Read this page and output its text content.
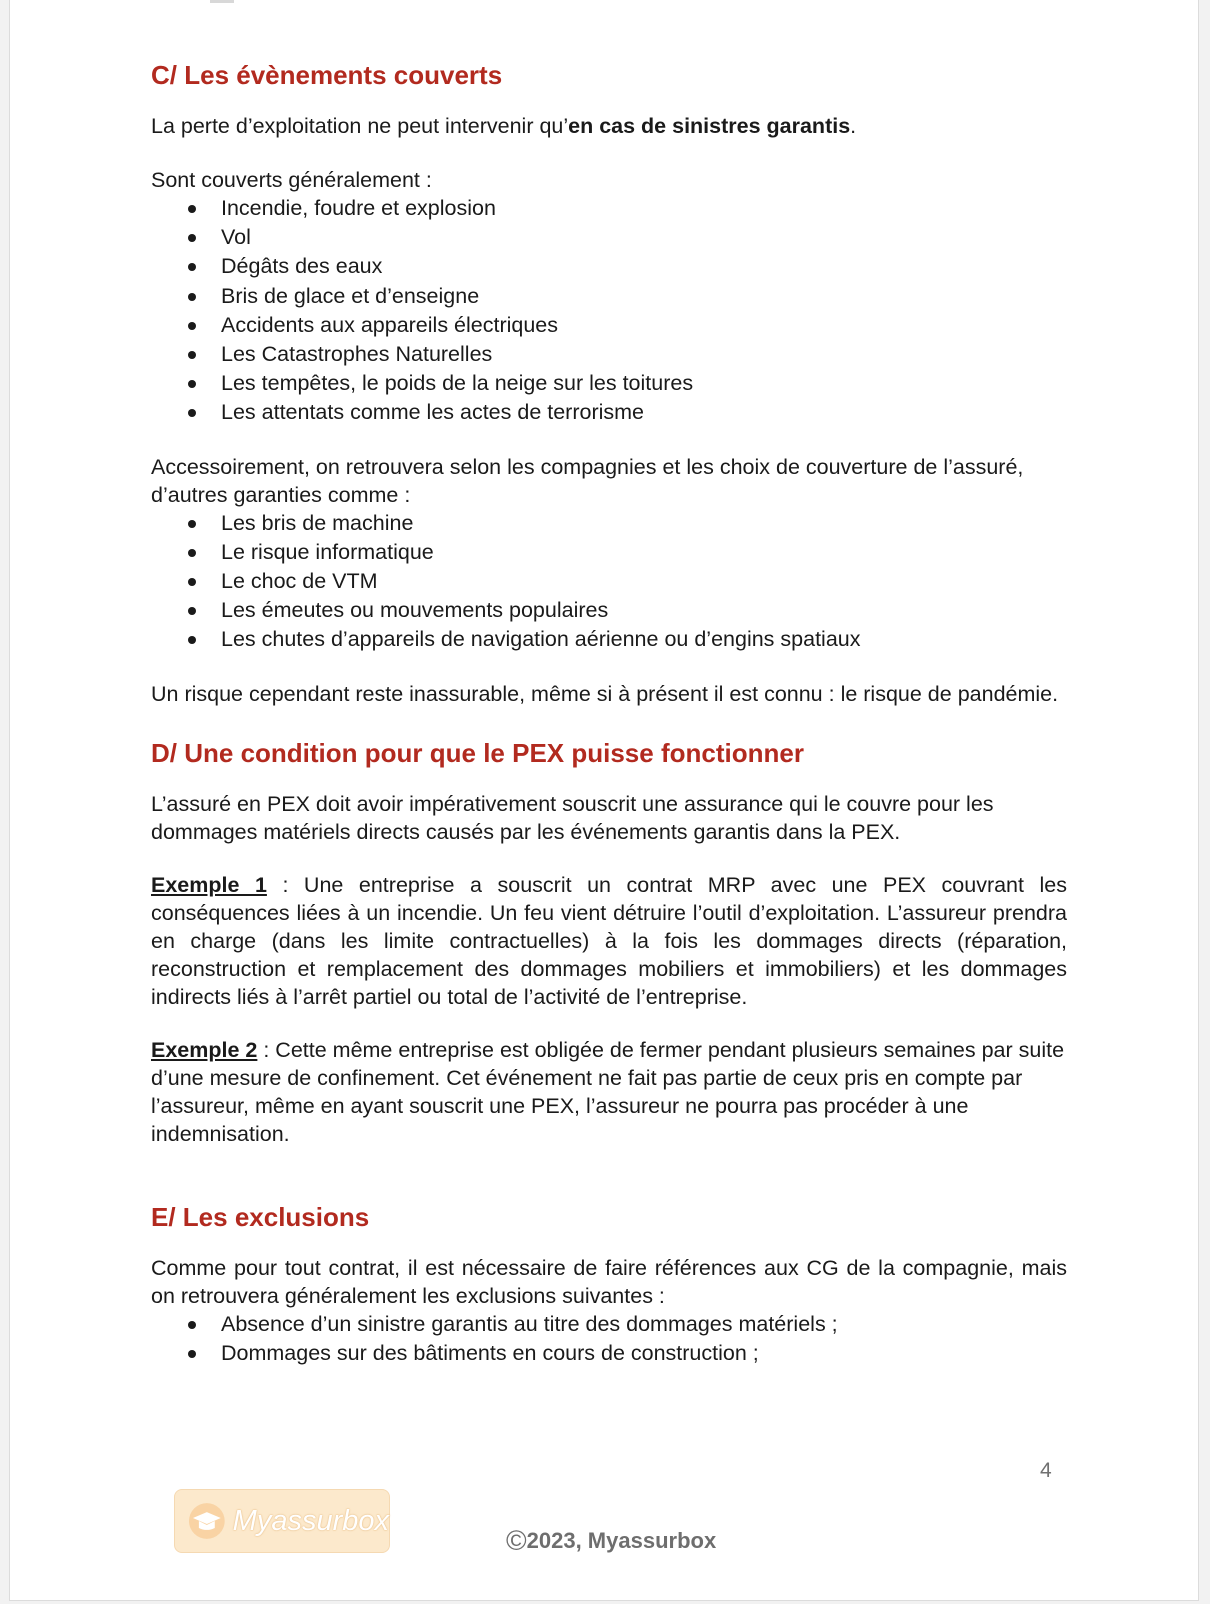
C/ Les évènements couverts

La perte d’exploitation ne peut intervenir qu’en cas de sinistres garantis.

Sont couverts généralement :

Incendie, foudre et explosion
Vol
Dégâts des eaux
Bris de glace et d’enseigne
Accidents aux appareils électriques
Les Catastrophes Naturelles
Les tempêtes, le poids de la neige sur les toitures
Les attentats comme les actes de terrorisme

Accessoirement, on retrouvera selon les compagnies et les choix de couverture de l’assuré, d’autres garanties comme :

Les bris de machine
Le risque informatique
Le choc de VTM
Les émeutes ou mouvements populaires
Les chutes d’appareils de navigation aérienne ou d’engins spatiaux

Un risque cependant reste inassurable, même si à présent il est connu : le risque de pandémie.

D/ Une condition pour que le PEX puisse fonctionner

L’assuré en PEX doit avoir impérativement souscrit une assurance qui le couvre pour les dommages matériels directs causés par les événements garantis dans la PEX.

Exemple 1 : Une entreprise a souscrit un contrat MRP avec une PEX couvrant les conséquences liées à un incendie. Un feu vient détruire l’outil d’exploitation. L’assureur prendra en charge (dans les limite contractuelles) à la fois les dommages directs (réparation, reconstruction et remplacement des dommages mobiliers et immobiliers) et les dommages indirects liés à l’arrêt partiel ou total de l’activité de l’entreprise.

Exemple 2 : Cette même entreprise est obligée de fermer pendant plusieurs semaines par suite d’une mesure de confinement. Cet événement ne fait pas partie de ceux pris en compte par l’assureur, même en ayant souscrit une PEX, l’assureur ne pourra pas procéder à une indemnisation.

E/ Les exclusions

Comme pour tout contrat, il est nécessaire de faire références aux CG de la compagnie, mais on retrouvera généralement les exclusions suivantes :

Absence d’un sinistre garantis au titre des dommages matériels ;
Dommages sur des bâtiments en cours de construction ;
4
Myassurbox
©2023, Myassurbox
